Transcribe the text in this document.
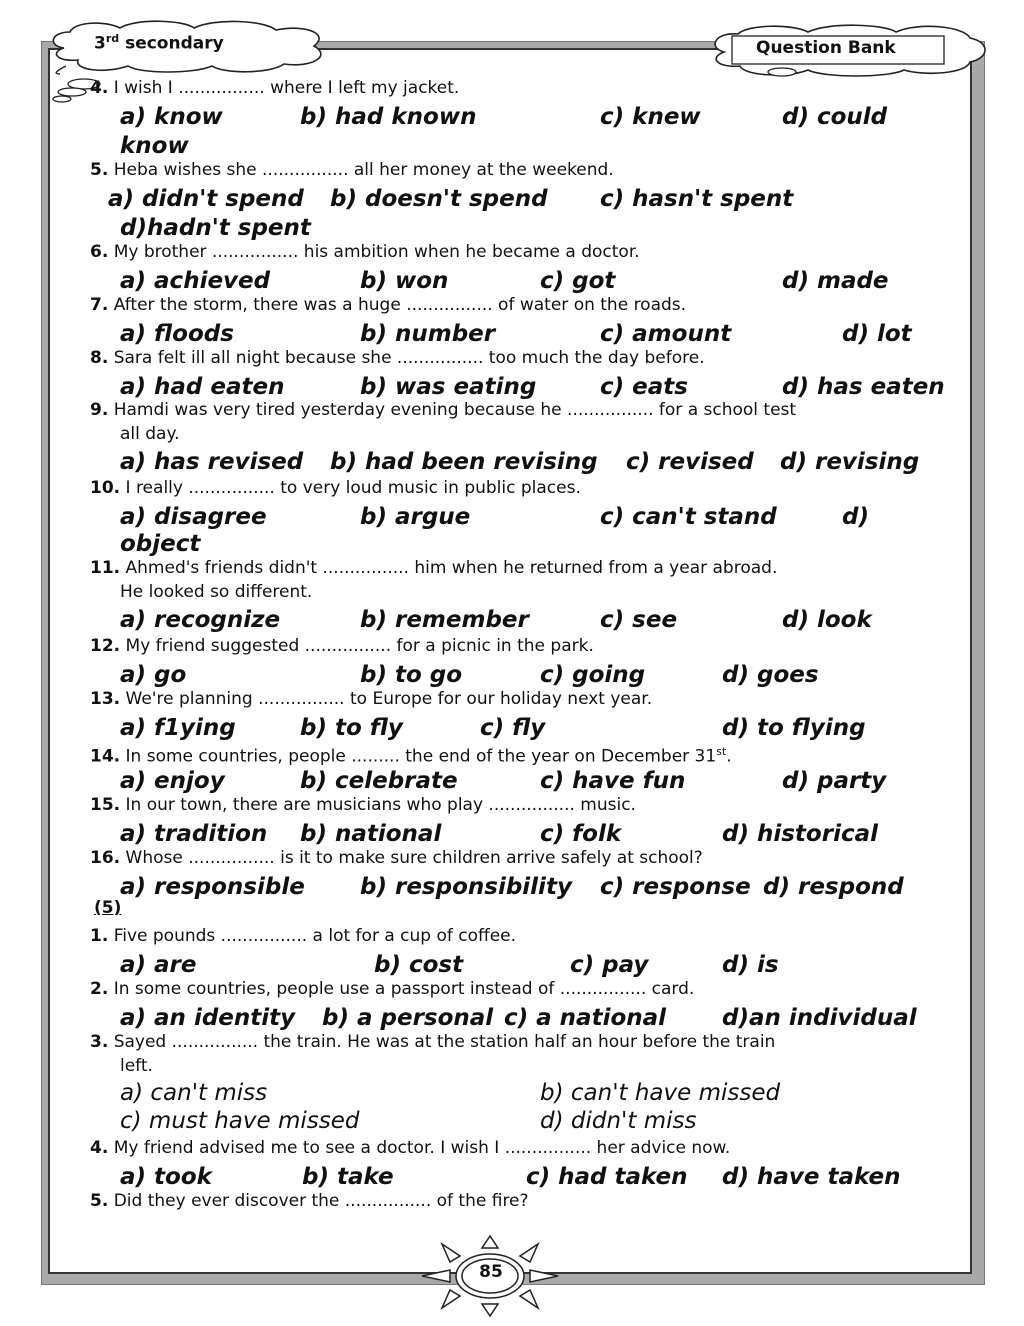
3rd secondary	Question Bank
4. I wish I ................ where I left my jacket.
a) know	b) had known	c) knew	d) could
know
5. Heba wishes she ................ all her money at the weekend.
a) didn't spend b) doesn't spend c) hasn't spent
d)hadn't spent
6. My brother ................ his ambition when he became a doctor.
a) achieved	b) won	c) got	d) made
7. After the storm, there was a huge ................ of water on the roads.
a) floods	b) number	c) amount	d) lot
8. Sara felt ill all night because she ................ too much the day before.
a) had eaten	b) was eating	c) eats	d) has eaten
9. Hamdi was very tired yesterday evening because he ................ for a school test
all day.
a) has revised b) had been revising c) revised d) revising
10. I really ................ to very loud music in public places.
a) disagree	b) argue	c) can't stand	d)
object
11. Ahmed's friends didn't ................ him when he returned from a year abroad.
He looked so different.
a) recognize	b) remember	c) see	d) look
12. My friend suggested ................ for a picnic in the park.
a) go	b) to go	c) going	d) goes
13. We're planning ................ to Europe for our holiday next year.
a) f1ying	b) to fly	c) fly	d) to flying
14. In some countries, people ......... the end of the year on December 31st.
a) enjoy	b) celebrate	c) have fun	d) party
15. In our town, there are musicians who play ................ music.
a) tradition b) national	c) folk	d) historical
16. Whose ................ is it to make sure children arrive safely at school?
a) responsible b) responsibility c) response d) respond
1. Five pounds ................ a lot for a cup of coffee.
a) are	b) cost	c) pay	d) is
2. In some countries, people use a passport instead of ................ card.
a) an identity b) a personal c) a national d)an individual
3. Sayed ................ the train. He was at the station half an hour before the train
left.
a) can't miss	b) can't have missed
c) must have missed	d) didn't miss
4. My friend advised me to see a doctor. I wish I ................ her advice now.
a) took	b) take	c) had taken d) have taken
5. Did they ever discover the ................ of the fire?
(5)
85
